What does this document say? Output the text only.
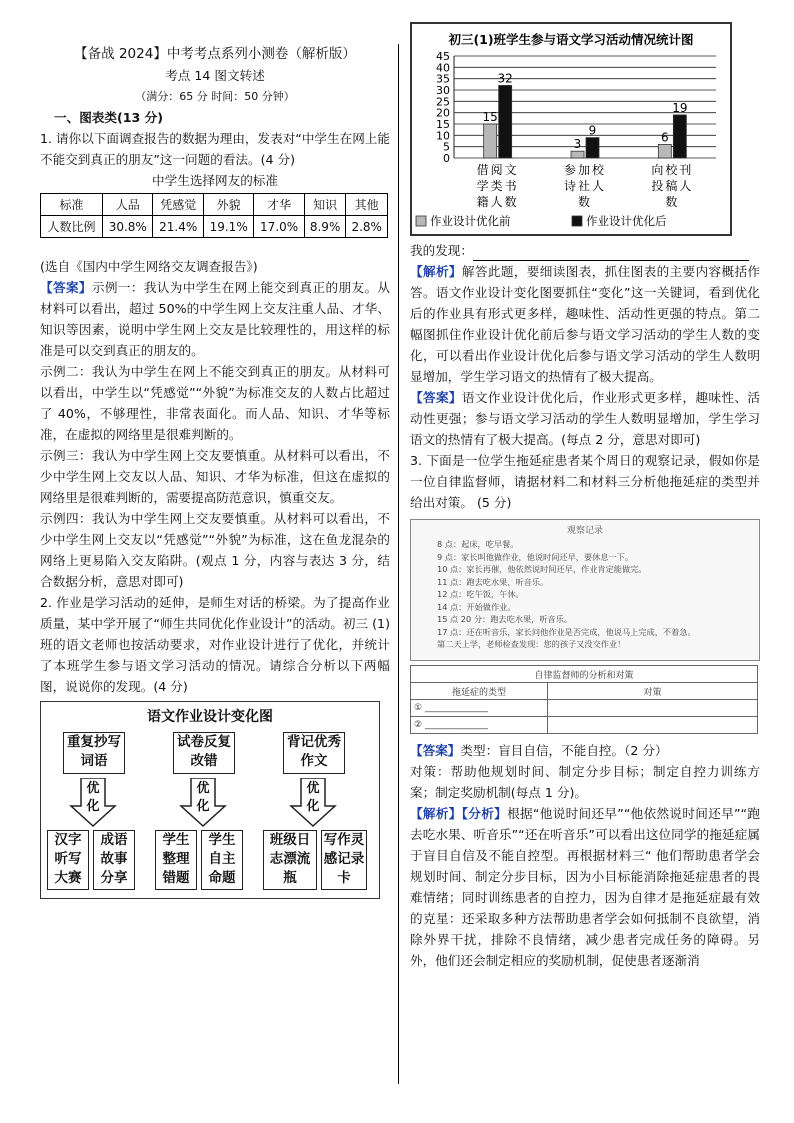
【备战 2024】中考考点系列小测卷（解析版）

考点 14 图文转述

（满分：65 分 时间：50 分钟）

一、图表类(13 分)

1. 请你以下面调查报告的数据为理由，发表对“中学生在网上能不能交到真正的朋友”这一问题的看法。(4 分)

中学生选择网友的标准

标准	人品	凭感觉	外貌	才华	知识	其他
人数比例	30.8%	21.4%	19.1%	17.0%	8.9%	2.8%

(选自《国内中学生网络交友调查报告》)

【答案】示例一：我认为中学生在网上能交到真正的朋友。从材料可以看出，超过 50%的中学生网上交友注重人品、才华、知识等因素，说明中学生网上交友是比较理性的，用这样的标准是可以交到真正的朋友的。

示例二：我认为中学生在网上不能交到真正的朋友。从材料可以看出，中学生以“凭感觉”“外貌”为标准交友的人数占比超过了 40%，不够理性，非常表面化。而人品、知识、才华等标准，在虚拟的网络里是很难判断的。

示例三：我认为中学生网上交友要慎重。从材料可以看出，不少中学生网上交友以人品、知识、才华为标准，但这在虚拟的网络里是很难判断的，需要提高防范意识，慎重交友。

示例四：我认为中学生网上交友要慎重。从材料可以看出，不少中学生网上交友以“凭感觉”“外貌”为标准，这在鱼龙混杂的网络上更易陷入交友陷阱。(观点 1 分，内容与表达 3 分，结合数据分析，意思对即可)

2. 作业是学习活动的延伸，是师生对话的桥梁。为了提高作业质量，某中学开展了“师生共同优化作业设计”的活动。初三 (1) 班的语文老师也按活动要求，对作业设计进行了优化，并统计了本班学生参与语文学习活动的情况。请综合分析以下两幅图，说说你的发现。(4 分)

语文作业设计变化图
重复抄写词语
试卷反复改错
背记优秀作文
优化
优化
优化
汉字听写大赛
成语故事分享
学生整理错题
学生自主命题
班级日志漂流瓶
写作灵感记录卡
初三(1)班学生参与语文学习活动情况统计图
0
5
10
15
20
25
30
35
40
45
15
32
借阅文
学类书
籍人数
3
9
参加校
诗社人
数
6
19
向校刊
投稿人
数
作业设计优化前	作业设计优化后

我的发现：

【解析】解答此题，要细读图表，抓住图表的主要内容概括作答。语文作业设计变化图要抓住“变化”这一关键词，看到优化后的作业具有形式更多样，趣味性、活动性更强的特点。第二幅图抓住作业设计优化前后参与语文学习活动的学生人数的变化，可以看出作业设计优化后参与语文学习活动的学生人数明显增加，学生学习语文的热情有了极大提高。

【答案】语文作业设计优化后，作业形式更多样，趣味性、活动性更强；参与语文学习活动的学生人数明显增加，学生学习语文的热情有了极大提高。(每点 2 分，意思对即可)

3. 下面是一位学生拖延症患者某个周日的观察记录，假如你是一位自律监督师，请据材料二和材料三分析他拖延症的类型并给出对策。 (5 分)

观察记录
8 点：起床，吃早餐。
9 点：家长叫他做作业，他说时间还早，要休息一下。
10 点：家长再催，他依然说时间还早，作业肯定能做完。
11 点：跑去吃水果，听音乐。
12 点：吃午饭，午休。
14 点：开始做作业。
15 点 20 分：跑去吃水果，听音乐。
17 点：还在听音乐，家长问他作业是否完成，他说马上完成，不着急。
第二天上学，老师检查发现：您的孩子又没交作业！
自律监督师的分析和对策	
拖延症的类型	对策
① ______________	
② ______________	

【答案】类型：盲目自信，不能自控。（2 分）

对策：帮助他规划时间、制定分步目标；制定自控力训练方案；制定奖励机制(每点 1 分)。

【解析】【分析】根据“他说时间还早”“他依然说时间还早”“跑去吃水果、听音乐”“还在听音乐”可以看出这位同学的拖延症属于盲目自信及不能自控型。再根据材料三“ 他们帮助患者学会规划时间、制定分步目标，因为小目标能消除拖延症患者的畏难情绪；同时训练患者的自控力，因为自律才是拖延症最有效的克星：还采取多种方法帮助患者学会如何抵制不良欲望，消除外界干扰，排除不良情绪，减少患者完成任务的障碍。另外，他们还会制定相应的奖励机制，促使患者逐渐消
